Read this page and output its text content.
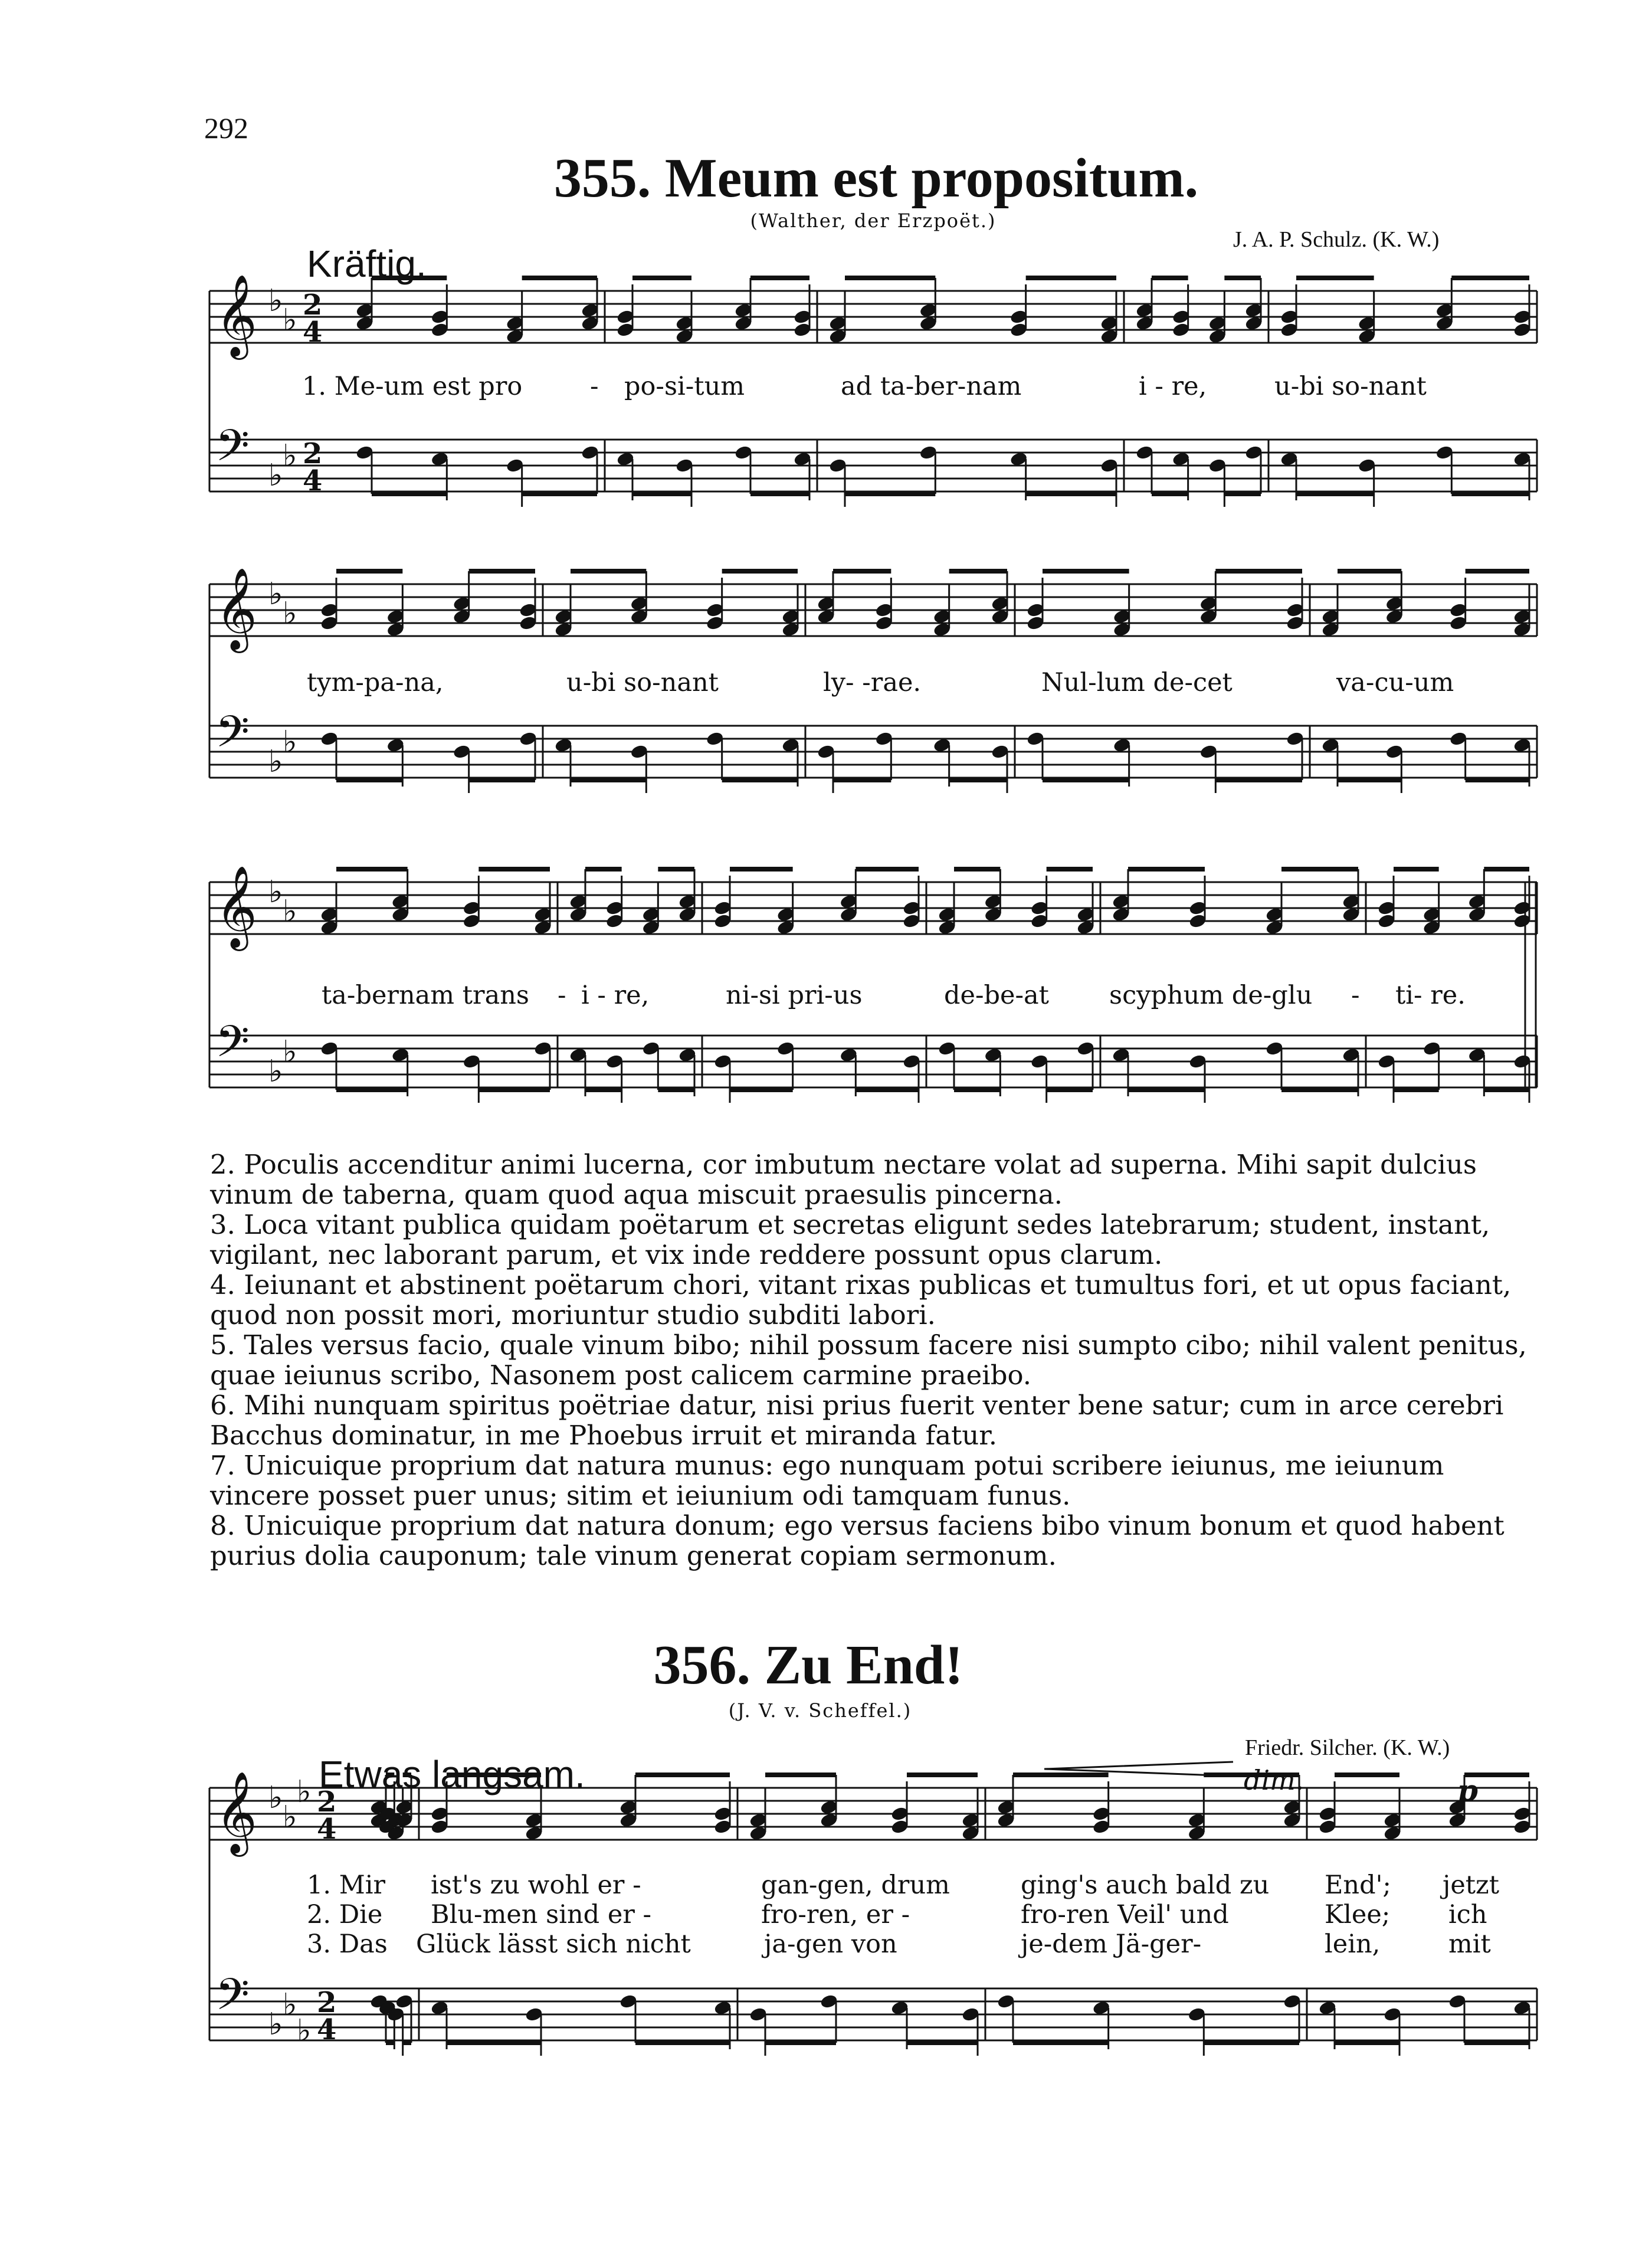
292
355. Meum est propositum.
(Walther, der Erzpoët.)
J. A. P. Schulz. (K. W.)
Kräftig.
𝄞 ♭
♭ 2
4
𝄢 ♭
♭ 2
4
𝄞 ♭
♭
𝄢 ♭
♭
𝄞 ♭
♭
𝄢 ♭
♭
𝄞 ♭
♭
♭ 2
4
𝄢 ♭
♭
♭
2
4
1. Me-um est pro	- po-si-tum	ad ta-ber-nam	i - re,	u-bi so-nant
tym-pa-na,	u-bi so-nant	ly- -rae.	Nul-lum de-cet	va-cu-um
ta-bernam trans - i - re,	ni-si pri-us	de-be-at scyphum de-glu - ti- re.

2. Poculis accenditur animi lucerna, cor imbutum nectare volat ad superna. Mihi sapit dulcius vinum de taberna, quam quod aqua miscuit praesulis pincerna.

3. Loca vitant publica quidam poëtarum et secretas eligunt sedes latebrarum; student, instant, vigilant, nec laborant parum, et vix inde reddere possunt opus clarum.

4. Ieiunant et abstinent poëtarum chori, vitant rixas publicas et tumultus fori, et ut opus faciant, quod non possit mori, moriuntur studio subditi labori.

5. Tales versus facio, quale vinum bibo; nihil possum facere nisi sumpto cibo; nihil valent penitus, quae ieiunus scribo, Nasonem post calicem carmine praeibo.

6. Mihi nunquam spiritus poëtriae datur, nisi prius fuerit venter bene satur; cum in arce cerebri Bacchus dominatur, in me Phoebus irruit et miranda fatur.

7. Unicuique proprium dat natura munus: ego nunquam potui scribere ieiunus, me ieiunum vincere posset puer unus; sitim et ieiunium odi tamquam funus.

8. Unicuique proprium dat natura donum; ego versus faciens bibo vinum bonum et quod habent purius dolia cauponum; tale vinum generat copiam sermonum.

356. Zu End!
(J. V. v. Scheffel.)
Friedr. Silcher. (K. W.)
Etwas langsam.	dim.	p
1. Mir ist's zu wohl er -	gan-gen, drum	ging's auch bald zu End'; jetzt
2. Die Blu-men sind er -	fro-ren, er -	fro-ren Veil' und	Klee; ich
3. Das Glück lässt sich nicht	ja-gen von	je-dem Jä-ger-	lein,	mit
